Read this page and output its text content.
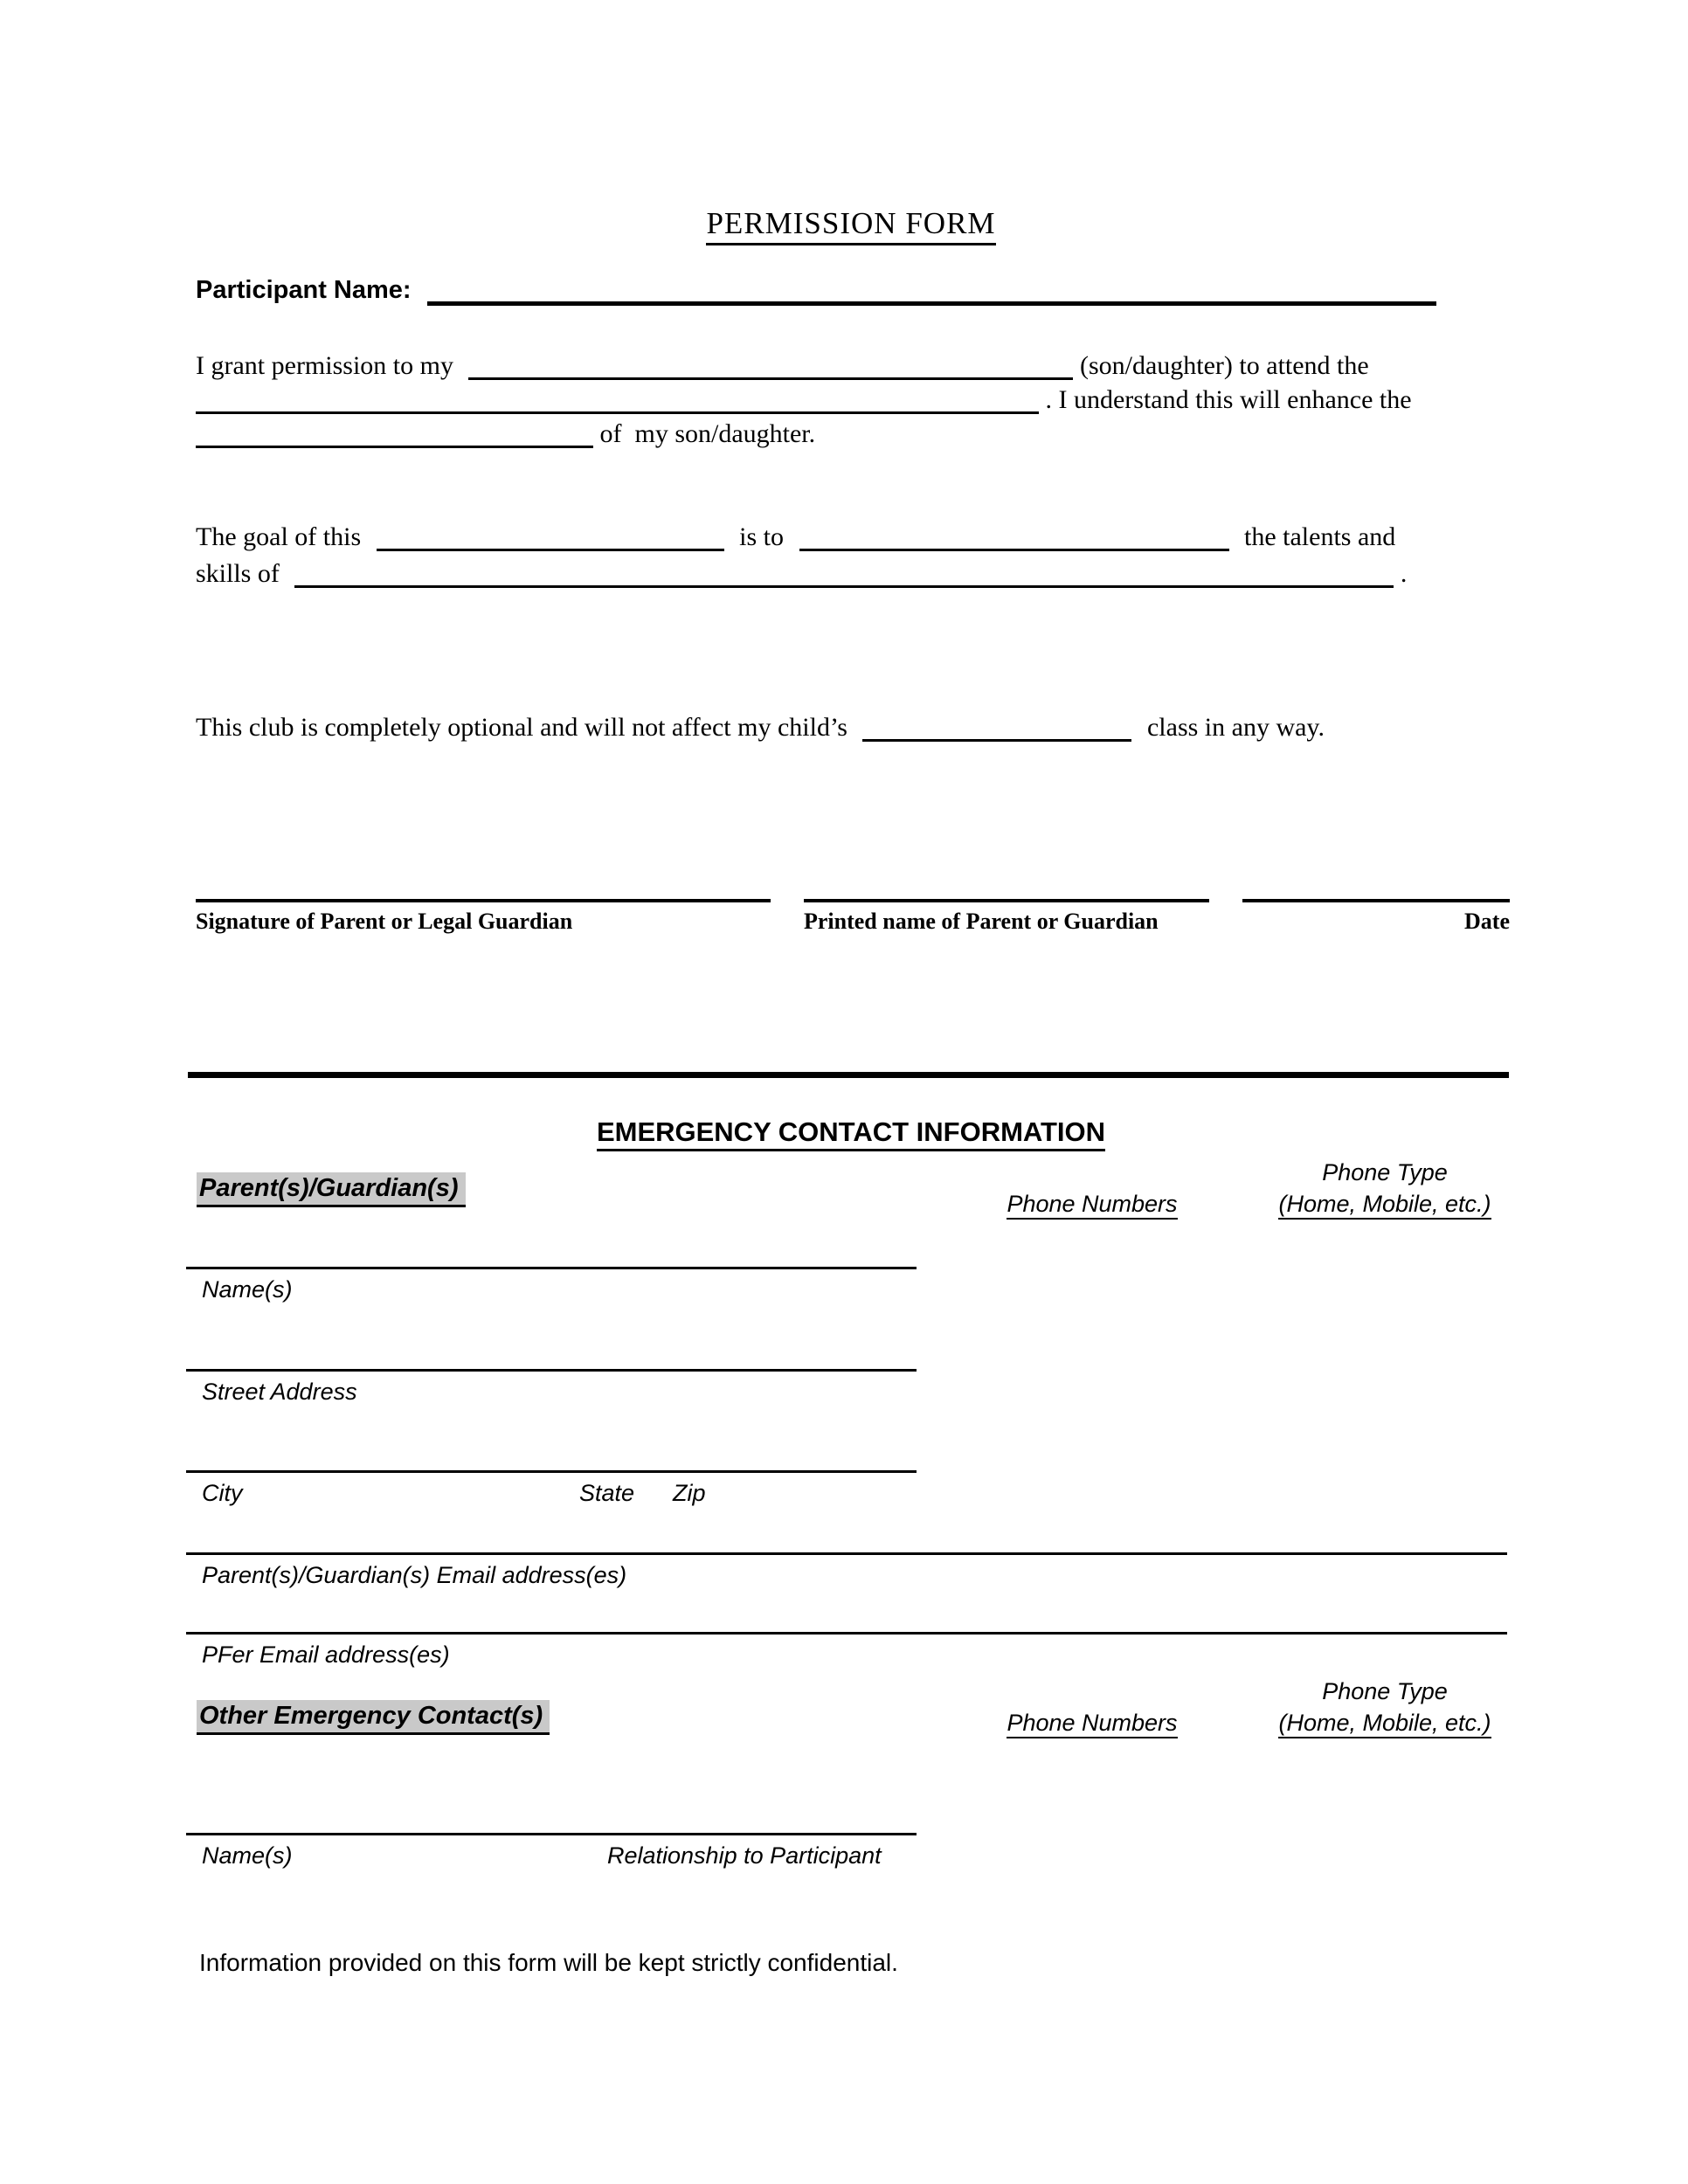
PERMISSION FORM
Participant Name:
I grant permission to my	(son/daughter) to attend the
. I understand this will enhance the
of  my son/daughter.
The goal of this	is to	the talents and
skills of	.
This club is completely optional and will not affect my child’s	class in any way.
Signature of Parent or Legal Guardian	Printed name of Parent or Guardian	Date
EMERGENCY CONTACT INFORMATION
Parent(s)/Guardian(s)
Phone Numbers
Phone Type
(Home, Mobile, etc.)
Name(s)
Street Address
City	State Zip
Parent(s)/Guardian(s) Email address(es)
PFer Email address(es)
Other Emergency Contact(s)	Phone Numbers
Phone Type
(Home, Mobile, etc.)
Name(s)	Relationship to Participant
Information provided on this form will be kept strictly confidential.
